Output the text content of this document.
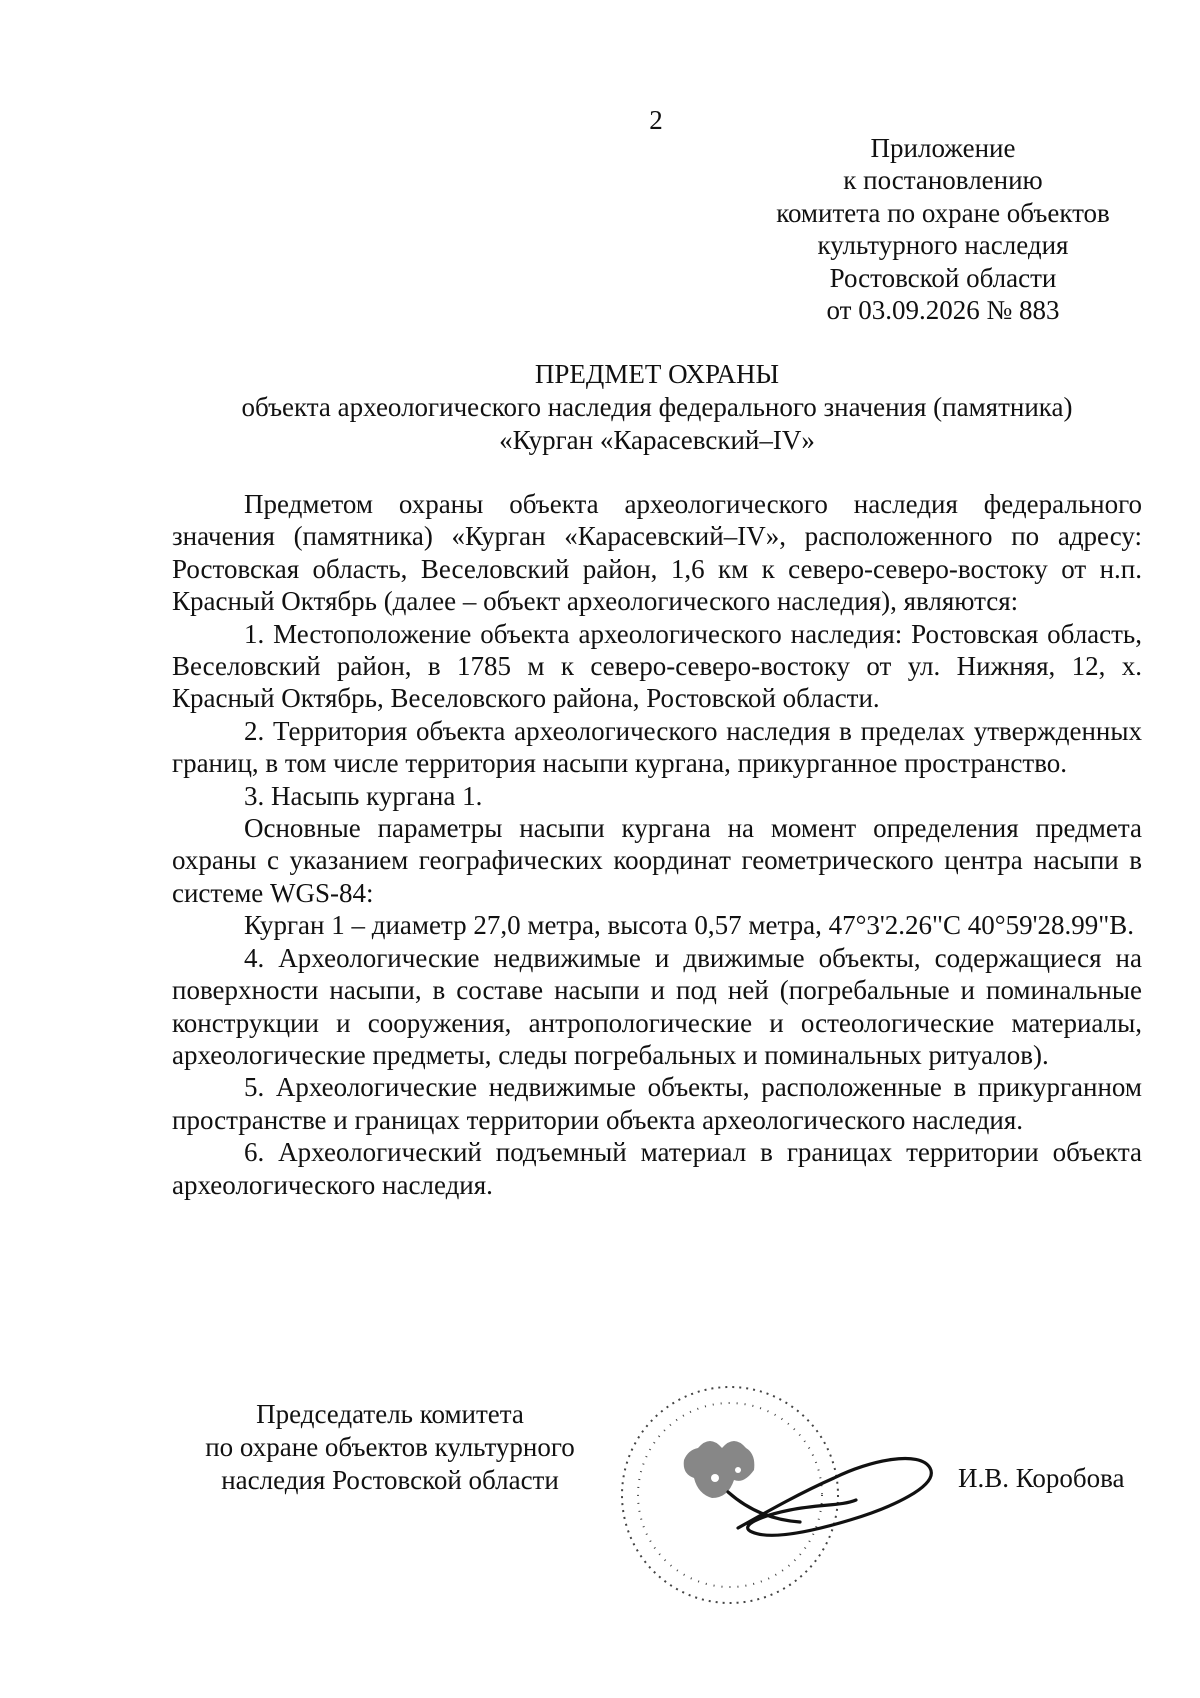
2
Приложение
к постановлению
комитета по охране объектов
культурного наследия
Ростовской области
от 03.09.2026 № 883
ПРЕДМЕТ ОХРАНЫ
объекта археологического наследия федерального значения (памятника)
«Курган «Карасевский–IV»

Предметом охраны объекта археологического наследия федерального значения (памятника) «Курган «Карасевский–IV», расположенного по адресу: Ростовская область, Веселовский район, 1,6 км к северо-северо-востоку от н.п. Красный Октябрь (далее – объект археологического наследия), являются:

1. Местоположение объекта археологического наследия: Ростовская область, Веселовский район, в 1785 м к северо-северо-востоку от ул. Нижняя, 12, х. Красный Октябрь, Веселовского района, Ростовской области.

2. Территория объекта археологического наследия в пределах утвержденных границ, в том числе территория насыпи кургана, прикурганное пространство.

3. Насыпь кургана 1.

Основные параметры насыпи кургана на момент определения предмета охраны с указанием географических координат геометрического центра насыпи в системе WGS-84:

Курган 1 – диаметр 27,0 метра, высота 0,57 метра, 47°3'2.26"С 40°59'28.99"В.

4. Археологические недвижимые и движимые объекты, содержащиеся на поверхности насыпи, в составе насыпи и под ней (погребальные и поминальные конструкции и сооружения, антропологические и остеологические материалы, археологические предметы, следы погребальных и поминальных ритуалов).

5. Археологические недвижимые объекты, расположенные в прикурганном пространстве и границах территории объекта археологического наследия.

6. Археологический подъемный материал в границах территории объекта археологического наследия.

Председатель комитета
по охране объектов культурного
наследия Ростовской области	И.В. Коробова
